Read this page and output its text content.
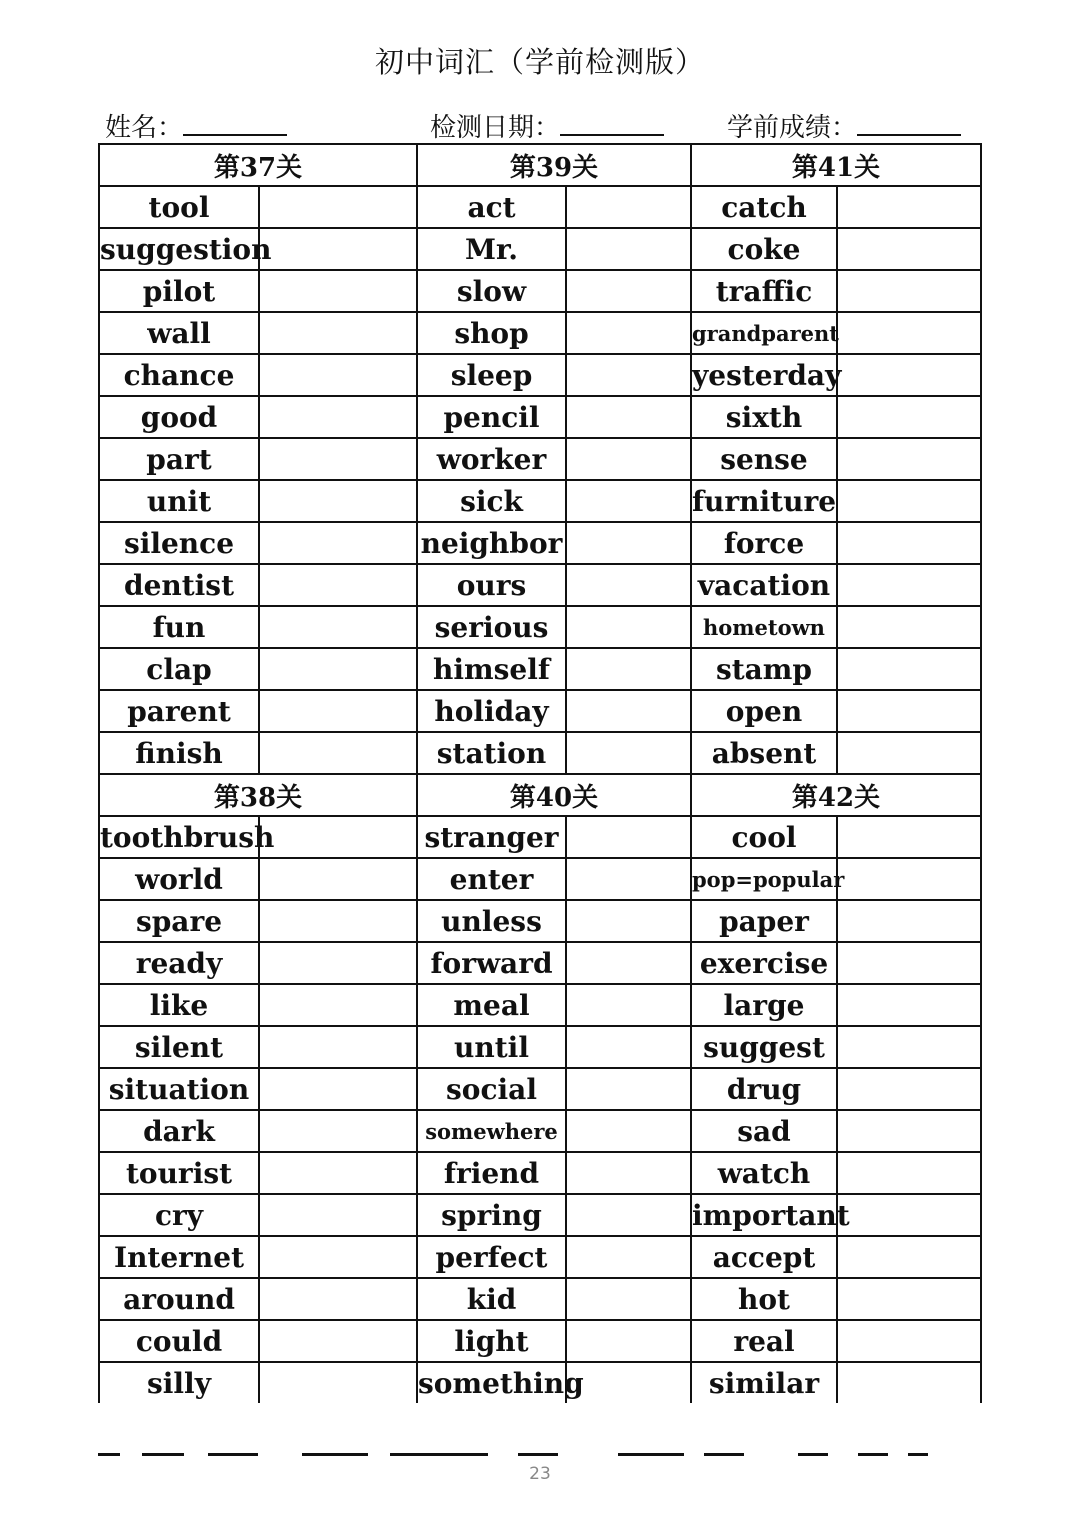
初中词汇（学前检测版）
姓名：	检测日期：	学前成绩：
第37关		第39关		第41关	
tool		act		catch	
suggestion		Mr.		coke	
pilot		slow		traffic	
wall		shop		grandparent	
chance		sleep		yesterday	
good		pencil		sixth	
part		worker		sense	
unit		sick		furniture	
silence		neighbor		force	
dentist		ours		vacation	
fun		serious		hometown	
clap		himself		stamp	
parent		holiday		open	
finish		station		absent	
第38关		第40关		第42关	
toothbrush		stranger		cool	
world		enter		pop=popular	
spare		unless		paper	
ready		forward		exercise	
like		meal		large	
silent		until		suggest	
situation		social		drug	
dark		somewhere		sad	
tourist		friend		watch	
cry		spring		important	
Internet		perfect		accept	
around		kid		hot	
could		light		real	
silly		something		similar	
23
